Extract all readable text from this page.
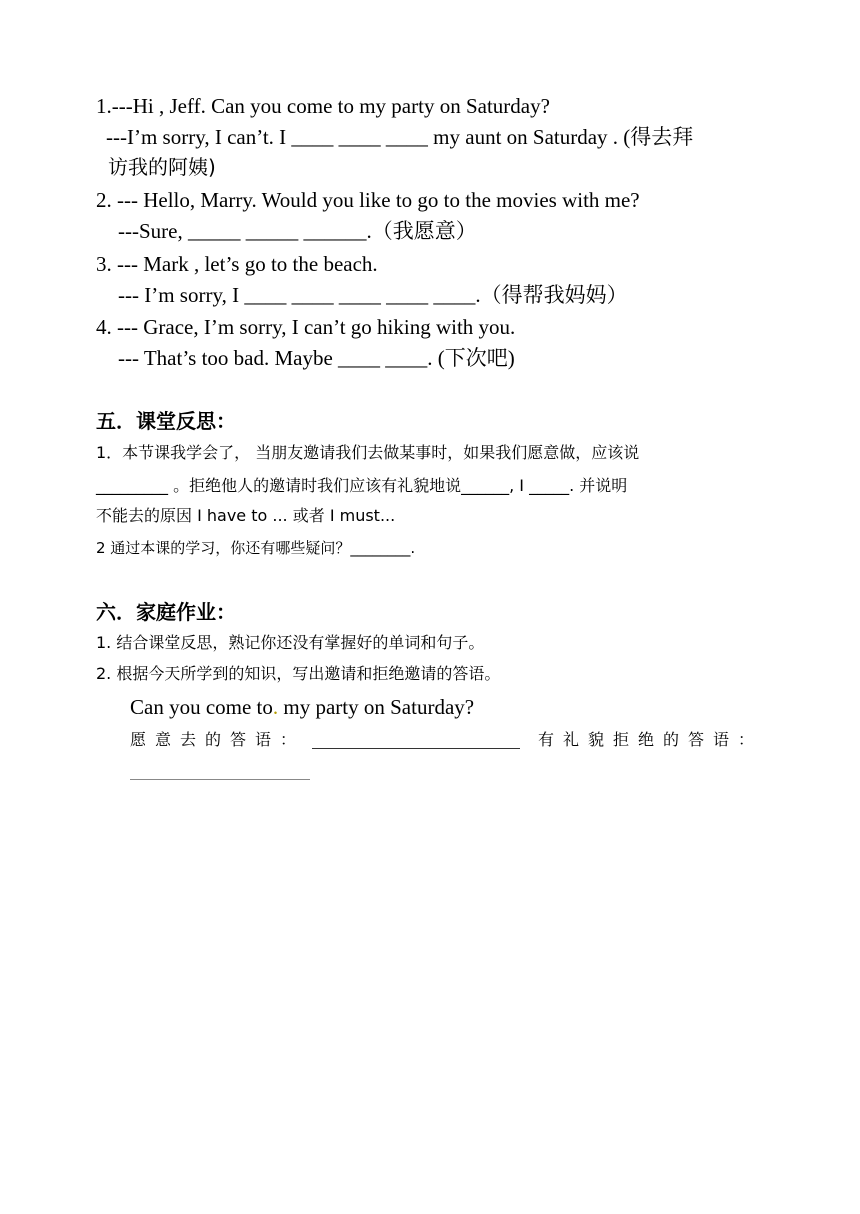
1.---Hi , Jeff. Can you come to my party on Saturday?
---I’m sorry, I can’t. I ____ ____ ____ my aunt on Saturday . (得去拜
访我的阿姨)
2. --- Hello, Marry. Would you like to go to the movies with me?
---Sure, _____ _____ ______.（我愿意）
3. --- Mark , let’s go to the beach.
--- I’m sorry, I ____ ____ ____ ____ ____.（得帮我妈妈）
4. --- Grace, I’m sorry, I can’t go hiking with you.
--- That’s too bad. Maybe ____ ____. (下次吧)
五．课堂反思：
1．本节课我学会了， 当朋友邀请我们去做某事时，如果我们愿意做，应该说
_________ 。拒绝他人的邀请时我们应该有礼貌地说______, I _____. 并说明
不能去的原因 I have to ... 或者 I must...
2 通过本课的学习，你还有哪些疑问？________.
六．家庭作业：
1. 结合课堂反思，熟记你还没有掌握好的单词和句子。
2. 根据今天所学到的知识，写出邀请和拒绝邀请的答语。
Can you come to. my party on Saturday?
愿意去的答语：	有礼貌拒绝的答语：
